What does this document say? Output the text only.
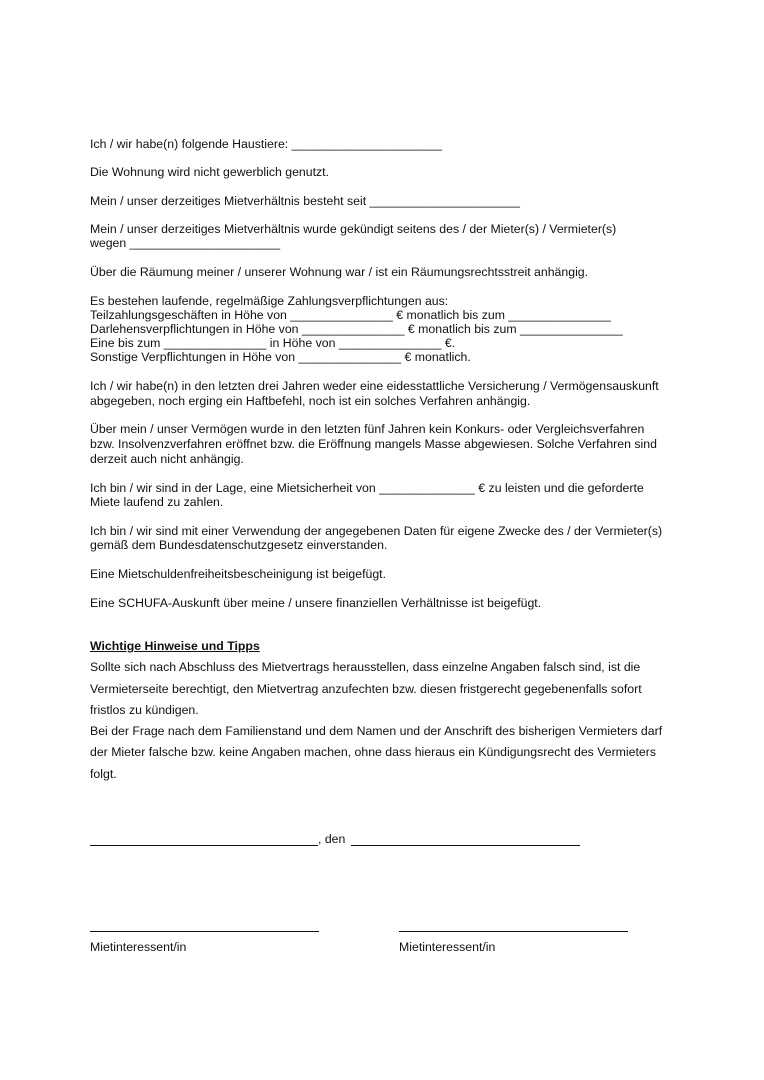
Ich / wir habe(n) folgende Haustiere: ______________________

Die Wohnung wird nicht gewerblich genutzt.

Mein / unser derzeitiges Mietverhältnis besteht seit ______________________

Mein / unser derzeitiges Mietverhältnis wurde gekündigt seitens des / der Mieter(s) / Vermieter(s)

wegen ______________________

Über die Räumung meiner / unserer Wohnung war / ist ein Räumungsrechtsstreit anhängig.

Es bestehen laufende, regelmäßige Zahlungsverpflichtungen aus:

Teilzahlungsgeschäften in Höhe von _______________ € monatlich bis zum _______________

Darlehensverpflichtungen in Höhe von _______________ € monatlich bis zum _______________

Eine bis zum _______________ in Höhe von _______________ €.

Sonstige Verpflichtungen in Höhe von _______________ € monatlich.

Ich / wir habe(n) in den letzten drei Jahren weder eine eidesstattliche Versicherung / Vermögensauskunft

abgegeben, noch erging ein Haftbefehl, noch ist ein solches Verfahren anhängig.

Über mein / unser Vermögen wurde in den letzten fünf Jahren kein Konkurs- oder Vergleichsverfahren

bzw. Insolvenzverfahren eröffnet bzw. die Eröffnung mangels Masse abgewiesen. Solche Verfahren sind

derzeit auch nicht anhängig.

Ich bin / wir sind in der Lage, eine Mietsicherheit von ______________ € zu leisten und die geforderte

Miete laufend zu zahlen.

Ich bin / wir sind mit einer Verwendung der angegebenen Daten für eigene Zwecke des / der Vermieter(s)

gemäß dem Bundesdatenschutzgesetz einverstanden.

Eine Mietschuldenfreiheitsbescheinigung ist beigefügt.

Eine SCHUFA-Auskunft über meine / unsere finanziellen Verhältnisse ist beigefügt.

Wichtige Hinweise und Tipps

Sollte sich nach Abschluss des Mietvertrags herausstellen, dass einzelne Angaben falsch sind, ist die

Vermieterseite berechtigt, den Mietvertrag anzufechten bzw. diesen fristgerecht gegebenenfalls sofort

fristlos zu kündigen.

Bei der Frage nach dem Familienstand und dem Namen und der Anschrift des bisherigen Vermieters darf

der Mieter falsche bzw. keine Angaben machen, ohne dass hieraus ein Kündigungsrecht des Vermieters

folgt.

, den
Mietinteressent/in	Mietinteressent/in
